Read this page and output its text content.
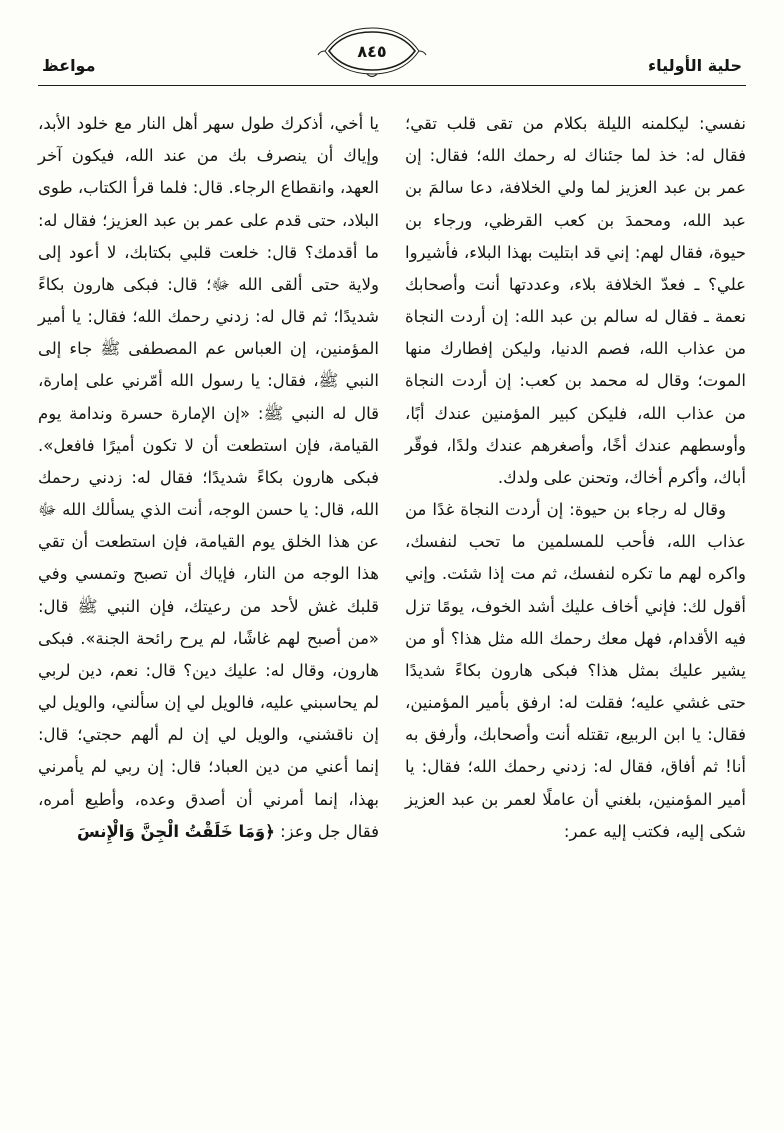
حلية الأولياء
٨٤٥
مواعظ

نفسي: ليكلمنه الليلة بكلام من تقى قلب تقي؛ فقال له: خذ لما جئناك له رحمك الله؛ فقال: إن عمر بن عبد العزيز لما ولي الخلافة، دعا سالمَ بن عبد الله، ومحمدَ بن كعب القرظي، ورجاء بن حيوة، فقال لهم: إني قد ابتليت بهذا البلاء، فأشيروا علي؟ ـ فعدّ الخلافة بلاء، وعددتها أنت وأصحابك نعمة ـ فقال له سالم بن عبد الله: إن أردت النجاة من عذاب الله، فصم الدنيا، وليكن إفطارك منها الموت؛ وقال له محمد بن كعب: إن أردت النجاة من عذاب الله، فليكن كبير المؤمنين عندك أبًا، وأوسطهم عندك أخًا، وأصغرهم عندك ولدًا، فوقّر أباك، وأكرم أخاك، وتحنن على ولدك.

وقال له رجاء بن حيوة: إن أردت النجاة غدًا من عذاب الله، فأحب للمسلمين ما تحب لنفسك، واكره لهم ما تكره لنفسك، ثم مت إذا شئت. وإني أقول لك: فإني أخاف عليك أشد الخوف، يومًا تزل فيه الأقدام، فهل معك رحمك الله مثل هذا؟ أو من يشير عليك بمثل هذا؟ فبكى هارون بكاءً شديدًا حتى غشي عليه؛ فقلت له: ارفق بأمير المؤمنين، فقال: يا ابن الربيع، تقتله أنت وأصحابك، وأرفق به أنا! ثم أفاق، فقال له: زدني رحمك الله؛ فقال: يا أمير المؤمنين، بلغني أن عاملًا لعمر بن عبد العزيز شكى إليه، فكتب إليه عمر:

يا أخي، أذكرك طول سهر أهل النار مع خلود الأبد، وإياك أن ينصرف بك من عند الله، فيكون آخر العهد، وانقطاع الرجاء. قال: فلما قرأ الكتاب، طوى البلاد، حتى قدم على عمر بن عبد العزيز؛ فقال له: ما أقدمك؟ قال: خلعت قلبي بكتابك، لا أعود إلى ولاية حتى ألقى الله ﷻ؛ قال: فبكى هارون بكاءً شديدًا؛ ثم قال له: زدني رحمك الله؛ فقال: يا أمير المؤمنين، إن العباس عم المصطفى ﷺ جاء إلى النبي ﷺ، فقال: يا رسول الله أمّرني على إمارة، قال له النبي ﷺ: «إن الإمارة حسرة وندامة يوم القيامة، فإن استطعت أن لا تكون أميرًا فافعل». فبكى هارون بكاءً شديدًا؛ فقال له: زدني رحمك الله، قال: يا حسن الوجه، أنت الذي يسألك الله ﷻ عن هذا الخلق يوم القيامة، فإن استطعت أن تقي هذا الوجه من النار، فإياك أن تصبح وتمسي وفي قلبك غش لأحد من رعيتك، فإن النبي ﷺ قال: «من أصبح لهم غاشًا، لم يرح رائحة الجنة». فبكى هارون، وقال له: عليك دين؟ قال: نعم، دين لربي لم يحاسبني عليه، فالويل لي إن سألني، والويل لي إن ناقشني، والويل لي إن لم ألهم حجتي؛ قال: إنما أعني من دين العباد؛ قال: إن ربي لم يأمرني بهذا، إنما أمرني أن أصدق وعده، وأطيع أمره، فقال جل وعز: ﴿وَمَا خَلَقْتُ الْجِنَّ وَالْإِنسَ
